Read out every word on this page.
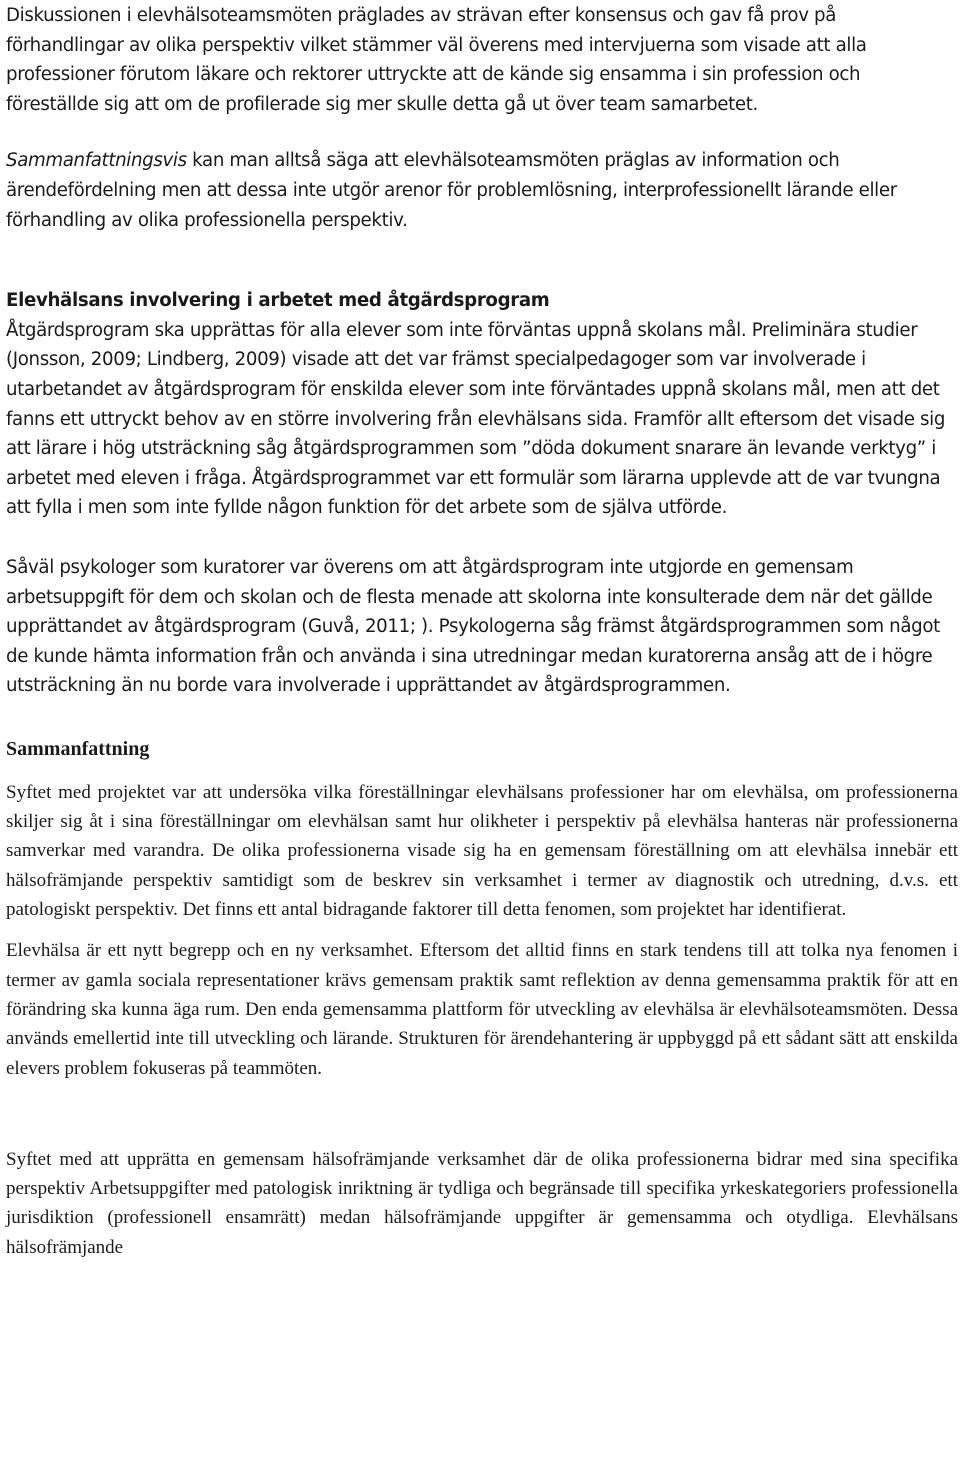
Diskussionen i elevhälsoteamsmöten präglades av strävan efter konsensus och gav få prov på förhandlingar av olika perspektiv vilket stämmer väl överens med intervjuerna som visade att alla professioner förutom läkare och rektorer uttryckte att de kände sig ensamma i sin profession och föreställde sig att om de profilerade sig mer skulle detta gå ut över team samarbetet.

Sammanfattningsvis kan man alltså säga att elevhälsoteamsmöten präglas av information och ärendefördelning men att dessa inte utgör arenor för problemlösning, interprofessionellt lärande eller förhandling av olika professionella perspektiv.

Elevhälsans involvering i arbetet med åtgärdsprogram

Åtgärdsprogram ska upprättas för alla elever som inte förväntas uppnå skolans mål. Preliminära studier (Jonsson, 2009; Lindberg, 2009) visade att det var främst specialpedagoger som var involverade i utarbetandet av åtgärdsprogram för enskilda elever som inte förväntades uppnå skolans mål, men att det fanns ett uttryckt behov av en större involvering från elevhälsans sida. Framför allt eftersom det visade sig att lärare i hög utsträckning såg åtgärdsprogrammen som ”döda dokument snarare än levande verktyg” i arbetet med eleven i fråga. Åtgärdsprogrammet var ett formulär som lärarna upplevde att de var tvungna att fylla i men som inte fyllde någon funktion för det arbete som de själva utförde.

Såväl psykologer som kuratorer var överens om att åtgärdsprogram inte utgjorde en gemensam arbetsuppgift för dem och skolan och de flesta menade att skolorna inte konsulterade dem när det gällde upprättandet av åtgärdsprogram (Guvå, 2011; ). Psykologerna såg främst åtgärdsprogrammen som något de kunde hämta information från och använda i sina utredningar medan kuratorerna ansåg att de i högre utsträckning än nu borde vara involverade i upprättandet av åtgärdsprogrammen.

Sammanfattning

Syftet med projektet var att undersöka vilka föreställningar elevhälsans professioner har om elevhälsa, om professionerna skiljer sig åt i sina föreställningar om elevhälsan samt hur olikheter i perspektiv på elevhälsa hanteras när professionerna samverkar med varandra. De olika professionerna visade sig ha en gemensam föreställning om att elevhälsa innebär ett hälsofrämjande perspektiv samtidigt som de beskrev sin verksamhet i termer av diagnostik och utredning, d.v.s. ett patologiskt perspektiv. Det finns ett antal bidragande faktorer till detta fenomen, som projektet har identifierat.

Elevhälsa är ett nytt begrepp och en ny verksamhet. Eftersom det alltid finns en stark tendens till att tolka nya fenomen i termer av gamla sociala representationer krävs gemensam praktik samt reflektion av denna gemensamma praktik för att en förändring ska kunna äga rum. Den enda gemensamma plattform för utveckling av elevhälsa är elevhälsoteamsmöten. Dessa används emellertid inte till utveckling och lärande. Strukturen för ärendehantering är uppbyggd på ett sådant sätt att enskilda elevers problem fokuseras på teammöten.

Syftet med att upprätta en gemensam hälsofrämjande verksamhet där de olika professionerna bidrar med sina specifika perspektiv Arbetsuppgifter med patologisk inriktning är tydliga och begränsade till specifika yrkeskategoriers professionella jurisdiktion (professionell ensamrätt) medan hälsofrämjande uppgifter är gemensamma och otydliga. Elevhälsans hälsofrämjande
